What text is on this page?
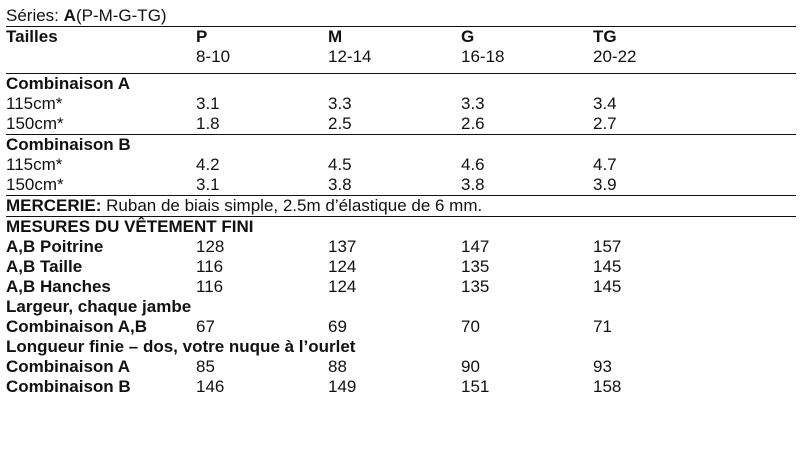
Séries: A(P-M-G-TG)
Tailles	P	M	G	TG
8-10	12-14	16-18	20-22
Combinaison A
115cm*	3.1	3.3	3.3	3.4
150cm*	1.8	2.5	2.6	2.7
Combinaison B
115cm*	4.2	4.5	4.6	4.7
150cm*	3.1	3.8	3.8	3.9
MERCERIE: Ruban de biais simple, 2.5m d’élastique de 6 mm.
MESURES DU VÊTEMENT FINI
A,B Poitrine	128	137	147	157
A,B Taille	116	124	135	145
A,B Hanches	116	124	135	145
Largeur, chaque jambe
Combinaison A,B	67	69	70	71
Longueur finie – dos, votre nuque à l’ourlet
Combinaison A	85	88	90	93
Combinaison B	146	149	151	158
